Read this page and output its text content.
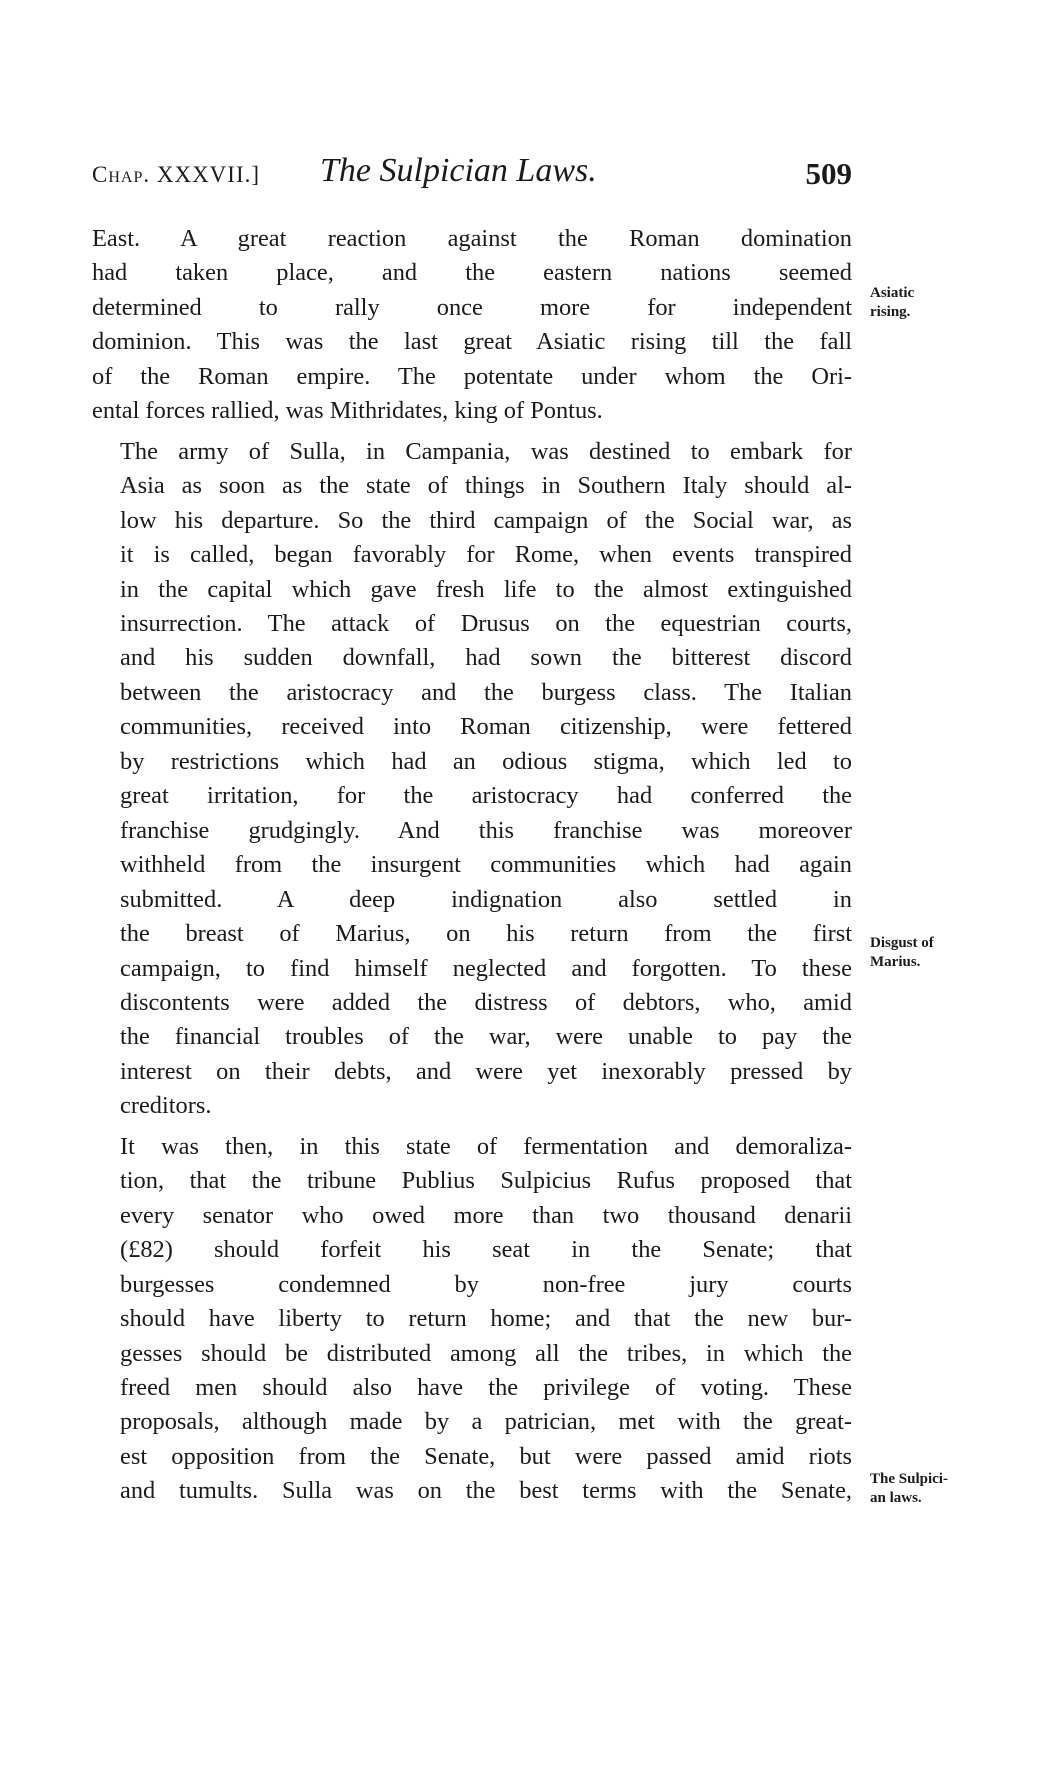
Chap. XXXVII.] The Sulpician Laws.	509

East. A great reaction against the Roman domination
had taken place, and the eastern nations seemed
determined to rally once more for independent
dominion. This was the last great Asiatic rising till the fall
of the Roman empire. The potentate under whom the Ori-
ental forces rallied, was Mithridates, king of Pontus.

The army of Sulla, in Campania, was destined to embark for
Asia as soon as the state of things in Southern Italy should al-
low his departure. So the third campaign of the Social war, as
it is called, began favorably for Rome, when events transpired
in the capital which gave fresh life to the almost extinguished
insurrection. The attack of Drusus on the equestrian courts,
and his sudden downfall, had sown the bitterest discord
between the aristocracy and the burgess class. The Italian
communities, received into Roman citizenship, were fettered
by restrictions which had an odious stigma, which led to
great irritation, for the aristocracy had conferred the
franchise grudgingly. And this franchise was moreover
withheld from the insurgent communities which had again
submitted. A deep indignation also settled in
the breast of Marius, on his return from the first
campaign, to find himself neglected and forgotten. To these
discontents were added the distress of debtors, who, amid
the financial troubles of the war, were unable to pay the
interest on their debts, and were yet inexorably pressed by
creditors.

It was then, in this state of fermentation and demoraliza-
tion, that the tribune Publius Sulpicius Rufus proposed that
every senator who owed more than two thousand denarii
(£82) should forfeit his seat in the Senate; that
burgesses condemned by non-free jury courts
should have liberty to return home; and that the new bur-
gesses should be distributed among all the tribes, in which the
freed men should also have the privilege of voting. These
proposals, although made by a patrician, met with the great-
est opposition from the Senate, but were passed amid riots
and tumults. Sulla was on the best terms with the Senate,

Asiatic
rising.
Disgust of
Marius.
The Sulpici-
an laws.
